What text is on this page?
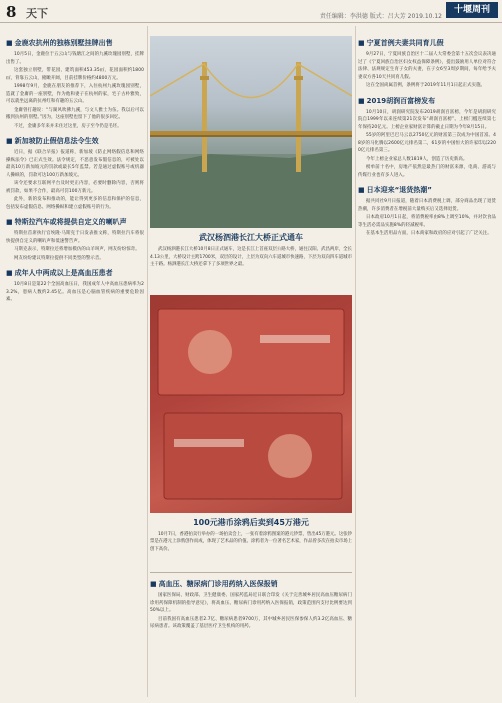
8 天下	责任编辑：李洪德 版式：吕大芳 2019.10.12
十堰周刊
■ 金鹿农抗州的独栋别墅挂牌出售

10月5日，金鹿位于五云山与钱塘江之间的九溪玫瑰园别墅，挂牌出售了。

这套独立别墅，带花园，建筑面积453.35㎡，花园面积约1800㎡，背靠五云山，俯瞰开阔，目前挂牌价格约4800万元。

1998年9月，金鹿在朋友的推荐下，入住杭州九溪玫瑰园别墅，造就了金庸的一座别墅，作为他和妻子在杭州的家，宅子古朴雅致，可以就坐远离的抗州红和有趣的五云山。

金庸曾打趣说：“与湖风吹拂九溪，与文人雅士为伍。我以后可以搬到抗州的别墅。”因为，这座别墅也留下了他的很多回忆。

不过，金庸多年来并未住过这里，房子至今仍是毛坯。

■ 新加坡防止假信息法令生效

近日，据《联合早报》报道称，新加坡《防止网络假信息和网络操纵法令》已正式生效。法令规定，不恶意发布假信息的，可被处以最高10万新加坡元的罚款或最长5年监禁。若是通过虚假账号或机器人操纵的，罚款可达100万新加坡元。

该令还要求互联网平台及时更正内容，必要时删除内容，否则将被罚款，如果不合作，最高可罚100万新元。

此外，新的发布和推动的，能让得到更多的信息和保护的信息，包括发布虚假信息、网络操纵和建立虚假账号的行为。

■ 特斯拉汽车或将提供自定义的喇叭声

特斯拉首席执行官埃隆·马斯克于日发表推文称，特斯拉汽车将很快提供自定义的喇叭声和低速警告声。

马斯克表示，特斯拉还将增加模仿的山羊叫声，网友纷纷惊奇。

网友纷纷建议特斯拉提供不同类型的警示音。

■ 成年人中两成以上是高血压患者

10月8日是第22个全国高血压日，我国成年人中高血压患病率为23.2%，患病人数约2.45亿。高血压是心脑血管疾病的重要危险因素。

武汉杨泗港长江大桥正式通车

武汉杨泗港长江大桥10月8日正式通车，这是长江上首座双层公路大桥，通往汉阳、武昌两岸，全长4.13公里，大桥设计主跨1700米，双层的设计，上层为双向六车道城市快速路，下层为双向四车道城市主干路。杨泗港长江大桥还拿下了多项世界之最。

100元港币涂鸦后卖到45万港元

10月7日，香港拍卖行举办的一场拍卖会上，一张有着涂鸦图案的港元钞票，售出45万港元。这张钞票是在港元上涂鸦创作而成，体现了艺术品的价值。涂鸦者为一位著名艺术家，作品曾多次在拍卖市场上创下高价。

■ 高血压、糖尿病门诊用药纳入医保报销

国家医保局、财政部、卫生健康委、国家药监局近日联合印发《关于完善城乡居民高血压糖尿病门诊用药保障机制的指导意见》，将高血压、糖尿病门诊用药纳入医保报销，政策范围内支付比例要达到50%以上。

目前我国有高血压患者2.7亿、糖尿病患者9700万，其中城乡居民医保参保人约3.2亿高血压、糖尿病患者。该政策覆盖了基层医疗卫生机构的用药。

■ 宁夏首例夫妻共同育儿假

9月27日，宁夏回族自治区十二届人大常委会第十五次会议表决通过了《宁夏回族自治区妇女权益保障条例》，提出鼓励用人单位对符合法律、法规规定生育子女的夫妻，在子女6至3周岁期间，每年给予夫妻双方各10天共同育儿假。

这在全国尚属首例，条例将于2019年11月1日起正式实施。

■ 2019胡润百富榜发布

10月10日，胡润研究院发布2019胡润百富榜，今年是胡润研究院自1999年以来连续第21次发布“胡润百富榜”。上榜门槛连续第七年保持20亿元。上榜企业家财富计算的截止日期为今年8月15日。

55岁的阿里巴巴马云以2750亿元的财富第三次成为中国首富。48岁的马化腾以2600亿元排名第二，61岁的中国恒大的许家印以2200亿元排名第三。

今年上榜企业家总人数1819人，创造了历史新高。

榜单前十名中，房地产依然是最热门的财富来源，电商、游戏与传媒行业也有多人进入。

■ 日本迎来“退货热潮”

据共同社9月日报道，随着日本消费税上调，部分商品出现了退货热潮，许多消费者在增税前大量购买后又选择退货。

日本政府10月1日起，将消费税率由8%上调至10%，并对饮食品等生活必需品实施8%的轻减税率。

在基本生活用品方面，日本商家和政府的应对引起了广泛关注。
